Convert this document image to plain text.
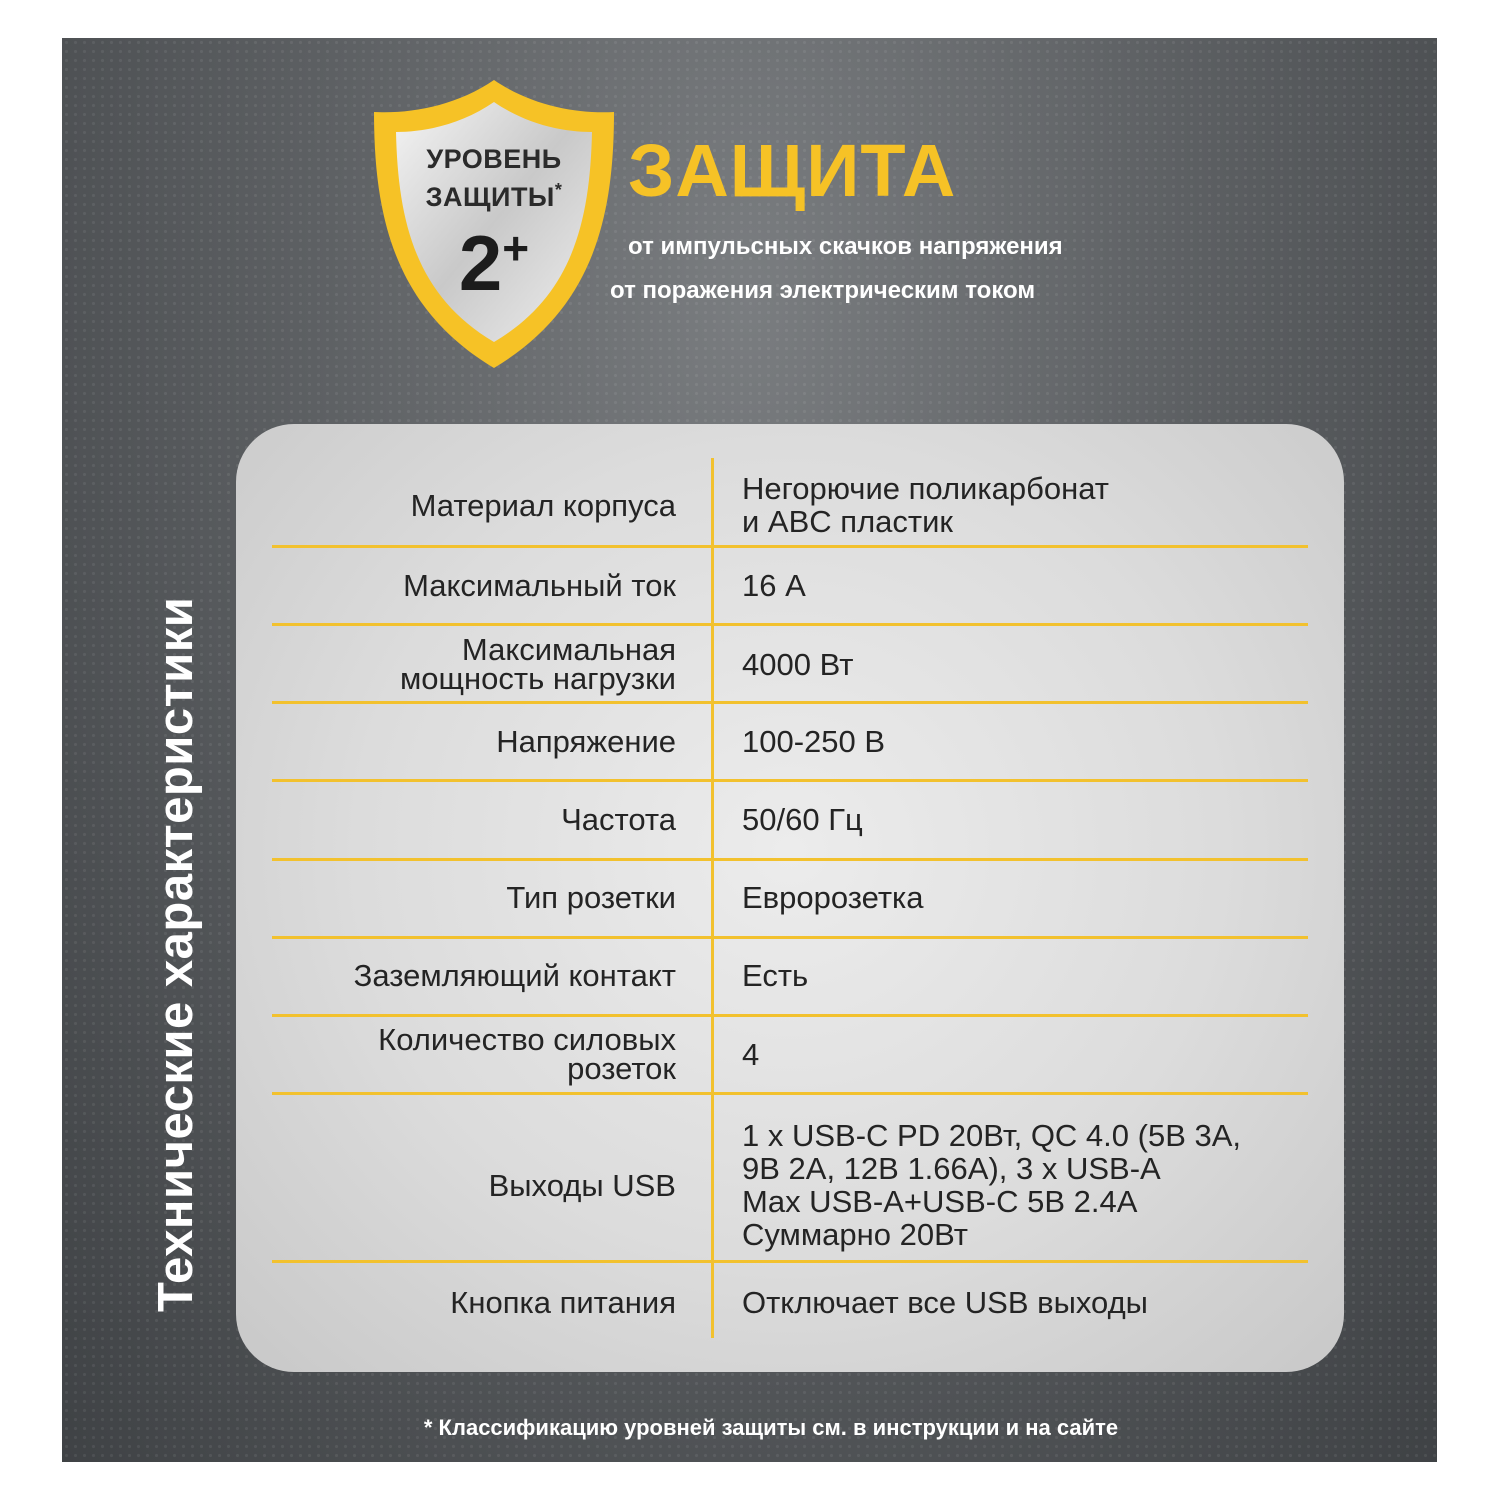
УРОВЕНЬ
ЗАЩИТЫ*
2+
ЗАЩИТА
от импульсных скачков напряжения
от поражения электрическим током
Технические характеристики
Материал корпуса Негорючие поликарбонат
и ABC пластик
Максимальный ток 16 А
Максимальная
мощность нагрузки 4000 Вт
Напряжение 100-250 В
Частота 50/60 Гц
Тип розетки Евророзетка
Заземляющий контакт Есть
Количество силовых
розеток 4
Выходы USB
1 x USB-C PD 20Вт, QC 4.0 (5В 3А,
9В 2А, 12В 1.66А), 3 x USB-A
Max USB-A+USB-C 5В 2.4А
Суммарно 20Вт
Кнопка питания Отключает все USB выходы
* Классификацию уровней защиты см. в инструкции и на сайте
